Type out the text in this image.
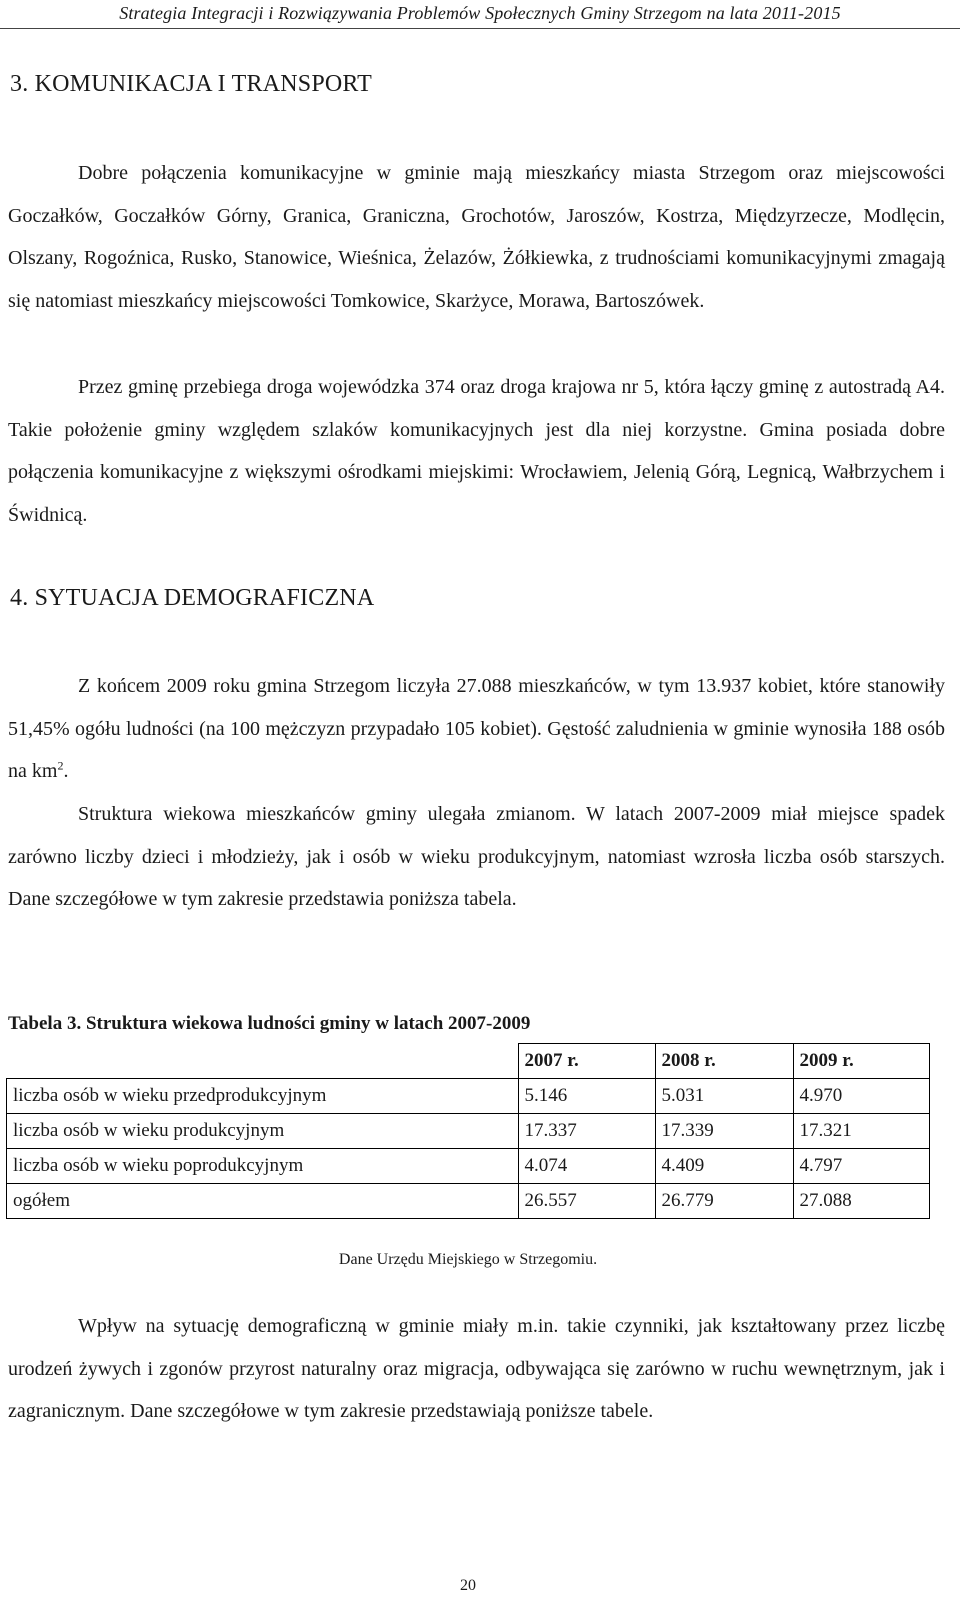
Strategia Integracji i Rozwiązywania Problemów Społecznych Gminy Strzegom na lata 2011-2015
3. KOMUNIKACJA I TRANSPORT

Dobre połączenia komunikacyjne w gminie mają mieszkańcy miasta Strzegom oraz miejscowości Goczałków, Goczałków Górny, Granica, Graniczna, Grochotów, Jaroszów, Kostrza, Międzyrzecze, Modlęcin, Olszany, Rogoźnica, Rusko, Stanowice, Wieśnica, Żelazów, Żółkiewka, z trudnościami komunikacyjnymi zmagają się natomiast mieszkańcy miejscowości Tomkowice, Skarżyce, Morawa, Bartoszówek.

Przez gminę przebiega droga wojewódzka 374 oraz droga krajowa nr 5, która łączy gminę z autostradą A4. Takie położenie gminy względem szlaków komunikacyjnych jest dla niej korzystne. Gmina posiada dobre połączenia komunikacyjne z większymi ośrodkami miejskimi: Wrocławiem, Jelenią Górą, Legnicą, Wałbrzychem i Świdnicą.

4. SYTUACJA DEMOGRAFICZNA

Z końcem 2009 roku gmina Strzegom liczyła 27.088 mieszkańców, w tym 13.937 kobiet, które stanowiły 51,45% ogółu ludności (na 100 mężczyzn przypadało 105 kobiet). Gęstość zaludnienia w gminie wynosiła 188 osób na $km^2$.

Struktura wiekowa mieszkańców gminy ulegała zmianom. W latach 2007-2009 miał miejsce spadek zarówno liczby dzieci i młodzieży, jak i osób w wieku produkcyjnym, natomiast wzrosła liczba osób starszych. Dane szczegółowe w tym zakresie przedstawia poniższa tabela.

Tabela 3. Struktura wiekowa ludności gminy w latach 2007-2009

	2007 r.	2008 r.	2009 r.
liczba osób w wieku przedprodukcyjnym	5.146	5.031	4.970
liczba osób w wieku produkcyjnym	17.337	17.339	17.321
liczba osób w wieku poprodukcyjnym	4.074	4.409	4.797
ogółem	26.557	26.779	27.088
Dane Urzędu Miejskiego w Strzegomiu.

Wpływ na sytuację demograficzną w gminie miały m.in. takie czynniki, jak kształtowany przez liczbę urodzeń żywych i zgonów przyrost naturalny oraz migracja, odbywająca się zarówno w ruchu wewnętrznym, jak i zagranicznym. Dane szczegółowe w tym zakresie przedstawiają poniższe tabele.

20
